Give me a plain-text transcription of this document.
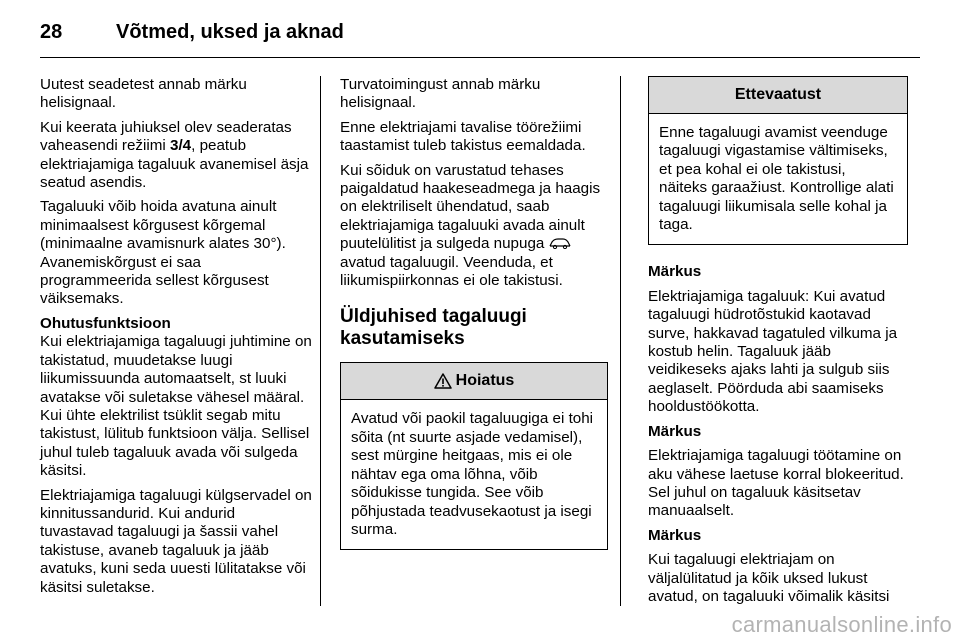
28	Võtmed, uksed ja aknad

Uutest seadetest annab märku helisignaal.

Kui keerata juhiuksel olev seaderatas vaheasendi režiimi 3/4, peatub elektriajamiga tagaluuk avanemisel äsja seatud asendis.

Tagaluuki võib hoida avatuna ainult minimaalsest kõrgusest kõrgemal (minimaalne avamisnurk alates 30°). Avanemiskõrgust ei saa programmeerida sellest kõrgusest väiksemaks.

Ohutusfunktsioon

Kui elektriajamiga tagaluugi juhtimine on takistatud, muudetakse luugi liikumissuunda automaatselt, st luuki avatakse või suletakse vähesel määral. Kui ühte elektrilist tsüklit segab mitu takistust, lülitub funktsioon välja. Sellisel juhul tuleb tagaluuk avada või sulgeda käsitsi.

Elektriajamiga tagaluugi külgservadel on kinnitussandurid. Kui andurid tuvastavad tagaluugi ja šassii vahel takistuse, avaneb tagaluuk ja jääb avatuks, kuni seda uuesti lülitatakse või käsitsi suletakse.

Turvatoimingust annab märku helisignaal.

Enne elektriajami tavalise töörežiimi taastamist tuleb takistus eemaldada.

Kui sõiduk on varustatud tehases paigaldatud haakeseadmega ja haagis on elektriliselt ühendatud, saab elektriajamiga tagaluuki avada ainult puutelülitist ja sulgeda nupuga  avatud tagaluugil. Veenduda, et liikumispiirkonnas ei ole takistusi.

Üldjuhised tagaluugi kasutamiseks
Hoiatus

Avatud või paokil tagaluugiga ei tohi sõita (nt suurte asjade vedamisel), sest mürgine heitgaas, mis ei ole nähtav ega oma lõhna, võib sõidukisse tungida. See võib põhjustada teadvusekaotust ja isegi surma.

Ettevaatust

Enne tagaluugi avamist veenduge tagaluugi vigastamise vältimiseks, et pea kohal ei ole takistusi, näiteks garaažiust. Kontrollige alati tagaluugi liikumisala selle kohal ja taga.

Märkus

Elektriajamiga tagaluuk: Kui avatud tagaluugi hüdrotõstukid kaotavad surve, hakkavad tagatuled vilkuma ja kostub helin. Tagaluuk jääb veidikeseks ajaks lahti ja sulgub siis aeglaselt. Pöörduda abi saamiseks hooldustöökotta.

Märkus

Elektriajamiga tagaluugi töötamine on aku vähese laetuse korral blokeeritud. Sel juhul on tagaluuk käsitsetav manuaalselt.

Märkus

Kui tagaluugi elektriajam on väljalülitatud ja kõik uksed lukust avatud, on tagaluuki võimalik käsitsi

carmanualsonline.info
